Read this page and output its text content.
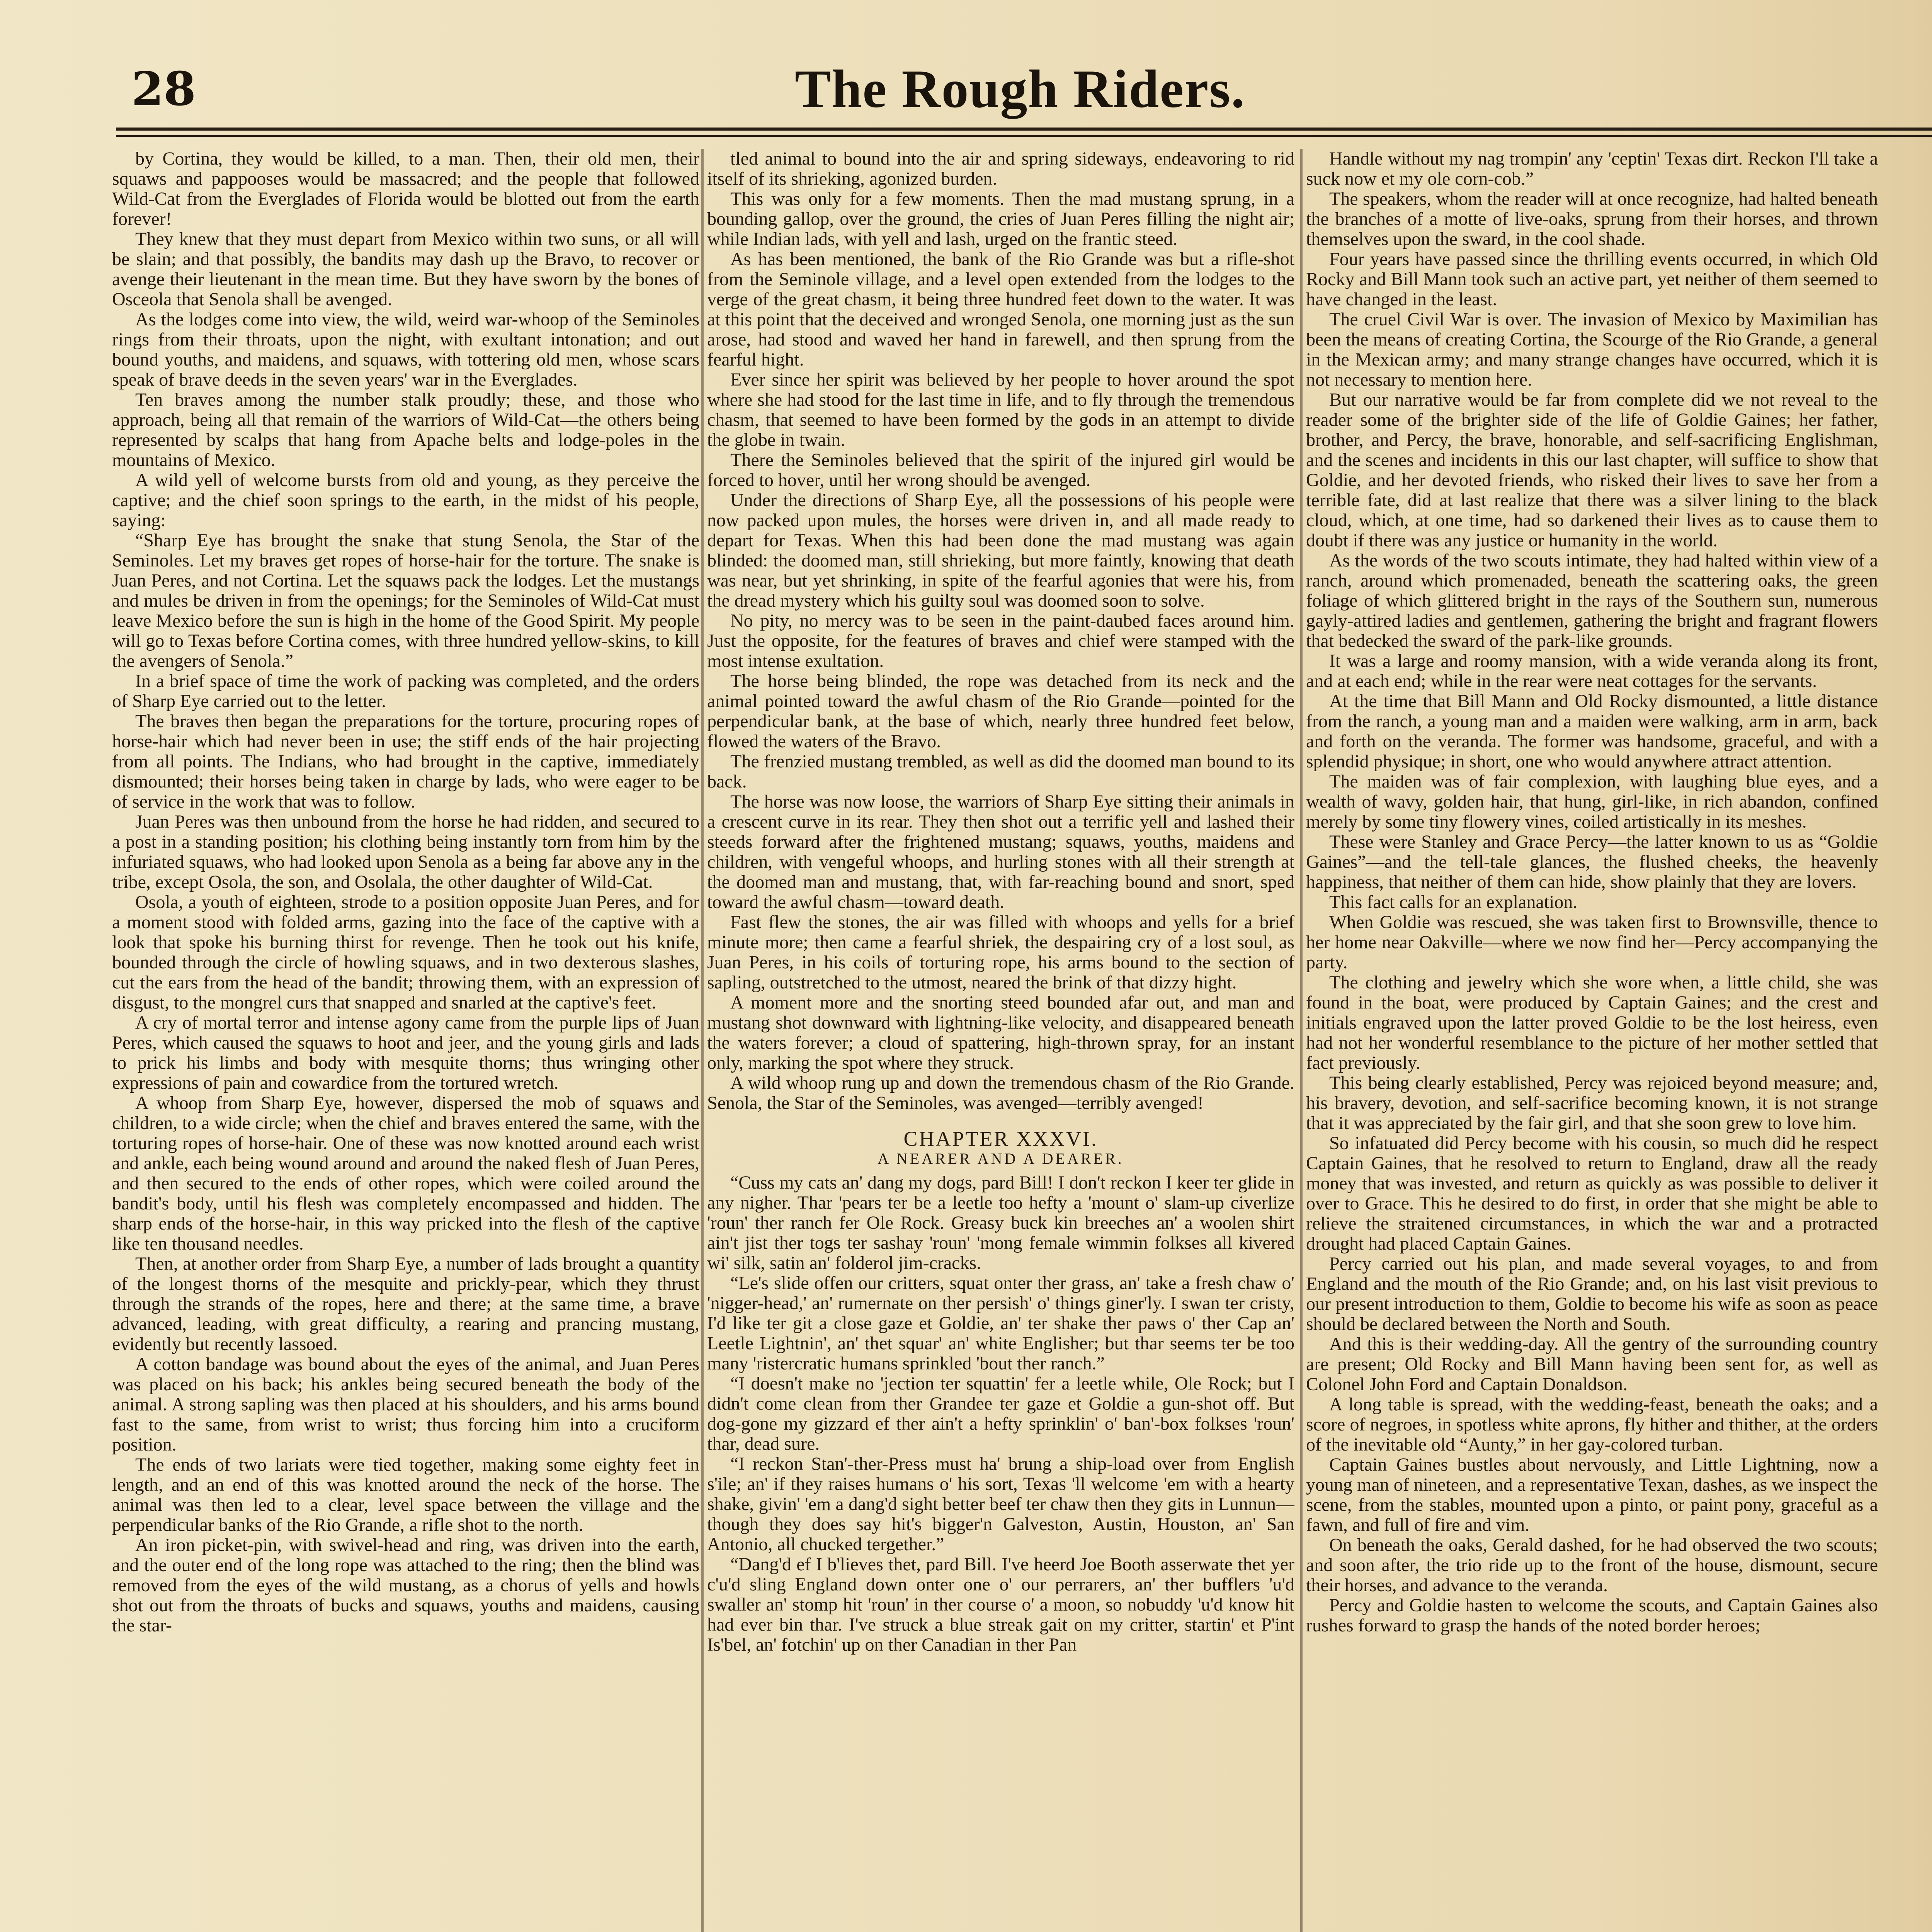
28	The Rough Riders.

by Cortina, they would be killed, to a man. Then, their old men, their squaws and pappooses would be massacred; and the people that followed Wild-Cat from the Everglades of Florida would be blotted out from the earth forever!

They knew that they must depart from Mexico within two suns, or all will be slain; and that possibly, the bandits may dash up the Bravo, to recover or avenge their lieutenant in the mean time. But they have sworn by the bones of Osceola that Senola shall be avenged.

As the lodges come into view, the wild, weird war-whoop of the Seminoles rings from their throats, upon the night, with exultant intonation; and out bound youths, and maidens, and squaws, with tottering old men, whose scars speak of brave deeds in the seven years' war in the Everglades.

Ten braves among the number stalk proudly; these, and those who approach, being all that remain of the warriors of Wild-Cat—the others being represented by scalps that hang from Apache belts and lodge-poles in the mountains of Mexico.

A wild yell of welcome bursts from old and young, as they perceive the captive; and the chief soon springs to the earth, in the midst of his people, saying:

“Sharp Eye has brought the snake that stung Senola, the Star of the Seminoles. Let my braves get ropes of horse-hair for the torture. The snake is Juan Peres, and not Cortina. Let the squaws pack the lodges. Let the mustangs and mules be driven in from the openings; for the Seminoles of Wild-Cat must leave Mexico before the sun is high in the home of the Good Spirit. My people will go to Texas before Cortina comes, with three hundred yellow-skins, to kill the avengers of Senola.”

In a brief space of time the work of packing was completed, and the orders of Sharp Eye carried out to the letter.

The braves then began the preparations for the torture, procuring ropes of horse-hair which had never been in use; the stiff ends of the hair projecting from all points. The Indians, who had brought in the captive, immediately dismounted; their horses being taken in charge by lads, who were eager to be of service in the work that was to follow.

Juan Peres was then unbound from the horse he had ridden, and secured to a post in a standing position; his clothing being instantly torn from him by the infuriated squaws, who had looked upon Senola as a being far above any in the tribe, except Osola, the son, and Osolala, the other daughter of Wild-Cat.

Osola, a youth of eighteen, strode to a position opposite Juan Peres, and for a moment stood with folded arms, gazing into the face of the captive with a look that spoke his burning thirst for revenge. Then he took out his knife, bounded through the circle of howling squaws, and in two dexterous slashes, cut the ears from the head of the bandit; throwing them, with an expression of disgust, to the mongrel curs that snapped and snarled at the captive's feet.

A cry of mortal terror and intense agony came from the purple lips of Juan Peres, which caused the squaws to hoot and jeer, and the young girls and lads to prick his limbs and body with mesquite thorns; thus wringing other expressions of pain and cowardice from the tortured wretch.

A whoop from Sharp Eye, however, dispersed the mob of squaws and children, to a wide circle; when the chief and braves entered the same, with the torturing ropes of horse-hair. One of these was now knotted around each wrist and ankle, each being wound around and around the naked flesh of Juan Peres, and then secured to the ends of other ropes, which were coiled around the bandit's body, until his flesh was completely encompassed and hidden. The sharp ends of the horse-hair, in this way pricked into the flesh of the captive like ten thousand needles.

Then, at another order from Sharp Eye, a number of lads brought a quantity of the longest thorns of the mesquite and prickly-pear, which they thrust through the strands of the ropes, here and there; at the same time, a brave advanced, leading, with great difficulty, a rearing and prancing mustang, evidently but recently lassoed.

A cotton bandage was bound about the eyes of the animal, and Juan Peres was placed on his back; his ankles being secured beneath the body of the animal. A strong sapling was then placed at his shoulders, and his arms bound fast to the same, from wrist to wrist; thus forcing him into a cruciform position.

The ends of two lariats were tied together, making some eighty feet in length, and an end of this was knotted around the neck of the horse. The animal was then led to a clear, level space between the village and the perpendicular banks of the Rio Grande, a rifle shot to the north.

An iron picket-pin, with swivel-head and ring, was driven into the earth, and the outer end of the long rope was attached to the ring; then the blind was removed from the eyes of the wild mustang, as a chorus of yells and howls shot out from the throats of bucks and squaws, youths and maidens, causing the star-

tled animal to bound into the air and spring sideways, endeavoring to rid itself of its shrieking, agonized burden.

This was only for a few moments. Then the mad mustang sprung, in a bounding gallop, over the ground, the cries of Juan Peres filling the night air; while Indian lads, with yell and lash, urged on the frantic steed.

As has been mentioned, the bank of the Rio Grande was but a rifle-shot from the Seminole village, and a level open extended from the lodges to the verge of the great chasm, it being three hundred feet down to the water. It was at this point that the deceived and wronged Senola, one morning just as the sun arose, had stood and waved her hand in farewell, and then sprung from the fearful hight.

Ever since her spirit was believed by her people to hover around the spot where she had stood for the last time in life, and to fly through the tremendous chasm, that seemed to have been formed by the gods in an attempt to divide the globe in twain.

There the Seminoles believed that the spirit of the injured girl would be forced to hover, until her wrong should be avenged.

Under the directions of Sharp Eye, all the possessions of his people were now packed upon mules, the horses were driven in, and all made ready to depart for Texas. When this had been done the mad mustang was again blinded: the doomed man, still shrieking, but more faintly, knowing that death was near, but yet shrinking, in spite of the fearful agonies that were his, from the dread mystery which his guilty soul was doomed soon to solve.

No pity, no mercy was to be seen in the paint-daubed faces around him. Just the opposite, for the features of braves and chief were stamped with the most intense exultation.

The horse being blinded, the rope was detached from its neck and the animal pointed toward the awful chasm of the Rio Grande—pointed for the perpendicular bank, at the base of which, nearly three hundred feet below, flowed the waters of the Bravo.

The frenzied mustang trembled, as well as did the doomed man bound to its back.

The horse was now loose, the warriors of Sharp Eye sitting their animals in a crescent curve in its rear. They then shot out a terrific yell and lashed their steeds forward after the frightened mustang; squaws, youths, maidens and children, with vengeful whoops, and hurling stones with all their strength at the doomed man and mustang, that, with far-reaching bound and snort, sped toward the awful chasm—toward death.

Fast flew the stones, the air was filled with whoops and yells for a brief minute more; then came a fearful shriek, the despairing cry of a lost soul, as Juan Peres, in his coils of torturing rope, his arms bound to the section of sapling, outstretched to the utmost, neared the brink of that dizzy hight.

A moment more and the snorting steed bounded afar out, and man and mustang shot downward with lightning-like velocity, and disappeared beneath the waters forever; a cloud of spattering, high-thrown spray, for an instant only, marking the spot where they struck.

A wild whoop rung up and down the tremendous chasm of the Rio Grande. Senola, the Star of the Seminoles, was avenged—terribly avenged!

CHAPTER XXXVI.

A NEARER AND A DEARER.

“Cuss my cats an' dang my dogs, pard Bill! I don't reckon I keer ter glide in any nigher. Thar 'pears ter be a leetle too hefty a 'mount o' slam-up civerlize 'roun' ther ranch fer Ole Rock. Greasy buck kin breeches an' a woolen shirt ain't jist ther togs ter sashay 'roun' 'mong female wimmin folkses all kivered wi' silk, satin an' folderol jim-cracks.

“Le's slide offen our critters, squat onter ther grass, an' take a fresh chaw o' 'nigger-head,' an' rumernate on ther persish' o' things giner'ly. I swan ter cristy, I'd like ter git a close gaze et Goldie, an' ter shake ther paws o' ther Cap an' Leetle Lightnin', an' thet squar' an' white Englisher; but thar seems ter be too many 'ristercratic humans sprinkled 'bout ther ranch.”

“I doesn't make no 'jection ter squattin' fer a leetle while, Ole Rock; but I didn't come clean from ther Grandee ter gaze et Goldie a gun-shot off. But dog-gone my gizzard ef ther ain't a hefty sprinklin' o' ban'-box folkses 'roun' thar, dead sure.

“I reckon Stan'-ther-Press must ha' brung a ship-load over from English s'ile; an' if they raises humans o' his sort, Texas 'll welcome 'em with a hearty shake, givin' 'em a dang'd sight better beef ter chaw then they gits in Lunnun—though they does say hit's bigger'n Galveston, Austin, Houston, an' San Antonio, all chucked tergether.”

“Dang'd ef I b'lieves thet, pard Bill. I've heerd Joe Booth asserwate thet yer c'u'd sling England down onter one o' our perrarers, an' ther bufflers 'u'd swaller an' stomp hit 'roun' in ther course o' a moon, so nobuddy 'u'd know hit had ever bin thar. I've struck a blue streak gait on my critter, startin' et P'int Is'bel, an' fotchin' up on ther Canadian in ther Pan

Handle without my nag trompin' any 'ceptin' Texas dirt. Reckon I'll take a suck now et my ole corn-cob.”

The speakers, whom the reader will at once recognize, had halted beneath the branches of a motte of live-oaks, sprung from their horses, and thrown themselves upon the sward, in the cool shade.

Four years have passed since the thrilling events occurred, in which Old Rocky and Bill Mann took such an active part, yet neither of them seemed to have changed in the least.

The cruel Civil War is over. The invasion of Mexico by Maximilian has been the means of creating Cortina, the Scourge of the Rio Grande, a general in the Mexican army; and many strange changes have occurred, which it is not necessary to mention here.

But our narrative would be far from complete did we not reveal to the reader some of the brighter side of the life of Goldie Gaines; her father, brother, and Percy, the brave, honorable, and self-sacrificing Englishman, and the scenes and incidents in this our last chapter, will suffice to show that Goldie, and her devoted friends, who risked their lives to save her from a terrible fate, did at last realize that there was a silver lining to the black cloud, which, at one time, had so darkened their lives as to cause them to doubt if there was any justice or humanity in the world.

As the words of the two scouts intimate, they had halted within view of a ranch, around which promenaded, beneath the scattering oaks, the green foliage of which glittered bright in the rays of the Southern sun, numerous gayly-attired ladies and gentlemen, gathering the bright and fragrant flowers that bedecked the sward of the park-like grounds.

It was a large and roomy mansion, with a wide veranda along its front, and at each end; while in the rear were neat cottages for the servants.

At the time that Bill Mann and Old Rocky dismounted, a little distance from the ranch, a young man and a maiden were walking, arm in arm, back and forth on the veranda. The former was handsome, graceful, and with a splendid physique; in short, one who would anywhere attract attention.

The maiden was of fair complexion, with laughing blue eyes, and a wealth of wavy, golden hair, that hung, girl-like, in rich abandon, confined merely by some tiny flowery vines, coiled artistically in its meshes.

These were Stanley and Grace Percy—the latter known to us as “Goldie Gaines”—and the tell-tale glances, the flushed cheeks, the heavenly happiness, that neither of them can hide, show plainly that they are lovers.

This fact calls for an explanation.

When Goldie was rescued, she was taken first to Brownsville, thence to her home near Oakville—where we now find her—Percy accompanying the party.

The clothing and jewelry which she wore when, a little child, she was found in the boat, were produced by Captain Gaines; and the crest and initials engraved upon the latter proved Goldie to be the lost heiress, even had not her wonderful resemblance to the picture of her mother settled that fact previously.

This being clearly established, Percy was rejoiced beyond measure; and, his bravery, devotion, and self-sacrifice becoming known, it is not strange that it was appreciated by the fair girl, and that she soon grew to love him.

So infatuated did Percy become with his cousin, so much did he respect Captain Gaines, that he resolved to return to England, draw all the ready money that was invested, and return as quickly as was possible to deliver it over to Grace. This he desired to do first, in order that she might be able to relieve the straitened circumstances, in which the war and a protracted drought had placed Captain Gaines.

Percy carried out his plan, and made several voyages, to and from England and the mouth of the Rio Grande; and, on his last visit previous to our present introduction to them, Goldie to become his wife as soon as peace should be declared between the North and South.

And this is their wedding-day. All the gentry of the surrounding country are present; Old Rocky and Bill Mann having been sent for, as well as Colonel John Ford and Captain Donaldson.

A long table is spread, with the wedding-feast, beneath the oaks; and a score of negroes, in spotless white aprons, fly hither and thither, at the orders of the inevitable old “Aunty,” in her gay-colored turban.

Captain Gaines bustles about nervously, and Little Lightning, now a young man of nineteen, and a representative Texan, dashes, as we inspect the scene, from the stables, mounted upon a pinto, or paint pony, graceful as a fawn, and full of fire and vim.

On beneath the oaks, Gerald dashed, for he had observed the two scouts; and soon after, the trio ride up to the front of the house, dismount, secure their horses, and advance to the veranda.

Percy and Goldie hasten to welcome the scouts, and Captain Gaines also rushes forward to grasp the hands of the noted border heroes;
